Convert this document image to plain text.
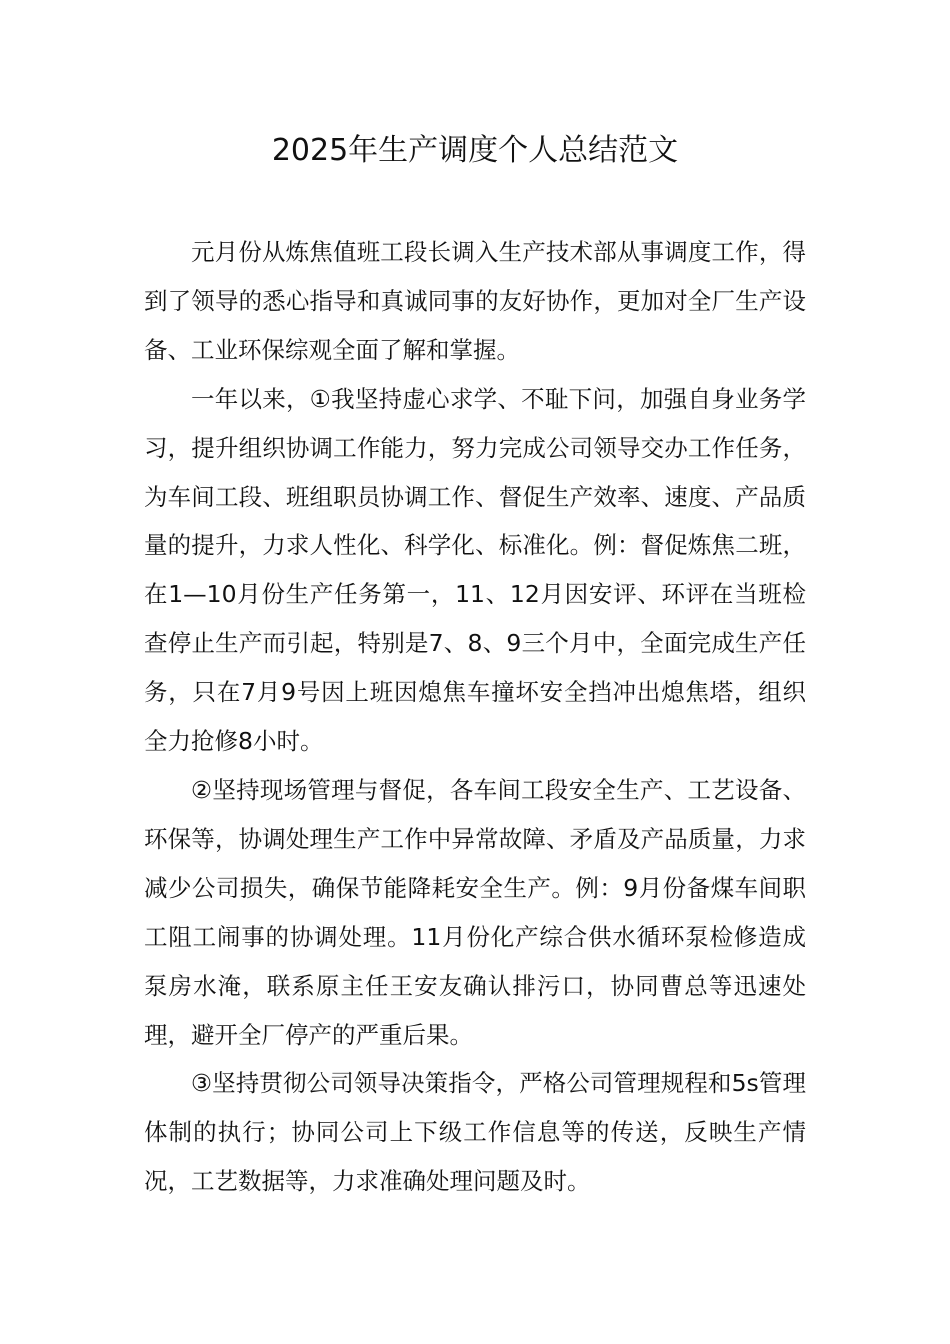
2025年生产调度个人总结范文

元月份从炼焦值班工段长调入生产技术部从事调度工作，得到了领导的悉心指导和真诚同事的友好协作，更加对全厂生产设备、工业环保综观全面了解和掌握。

一年以来，①我坚持虚心求学、不耻下问，加强自身业务学习，提升组织协调工作能力，努力完成公司领导交办工作任务，为车间工段、班组职员协调工作、督促生产效率、速度、产品质量的提升，力求人性化、科学化、标准化。例：督促炼焦二班，在1—10月份生产任务第一，11、12月因安评、环评在当班检查停止生产而引起，特别是7、8、9三个月中，全面完成生产任务，只在7月9号因上班因熄焦车撞坏安全挡冲出熄焦塔，组织全力抢修8小时。

②坚持现场管理与督促，各车间工段安全生产、工艺设备、环保等，协调处理生产工作中异常故障、矛盾及产品质量，力求减少公司损失，确保节能降耗安全生产。例：9月份备煤车间职工阻工闹事的协调处理。11月份化产综合供水循环泵检修造成泵房水淹，联系原主任王安友确认排污口，协同曹总等迅速处理，避开全厂停产的严重后果。

③坚持贯彻公司领导决策指令，严格公司管理规程和5s管理体制的执行；协同公司上下级工作信息等的传送，反映生产情况，工艺数据等，力求准确处理问题及时。
